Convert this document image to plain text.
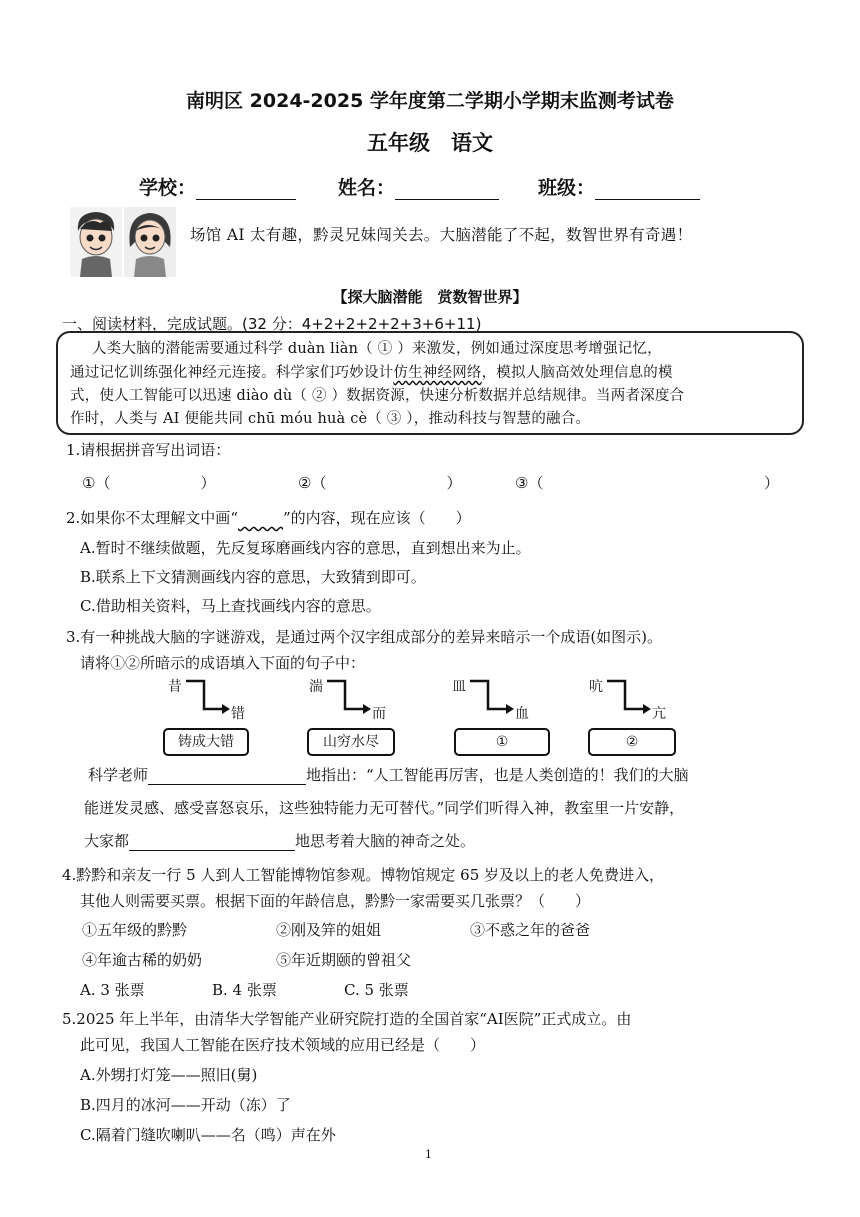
南明区 2024-2025 学年度第二学期小学期末监测考试卷
五年级　语文
学校：	姓名：	班级：
场馆 AI 太有趣，黔灵兄妹闯关去。大脑潜能了不起，数智世界有奇遇！
【探大脑潜能　赏数智世界】
一、阅读材料，完成试题。(32 分：4+2+2+2+2+3+6+11)
人类大脑的潜能需要通过科学 duàn liàn（ ① ）来激发，例如通过深度思考增强记忆，
通过记忆训练强化神经元连接。科学家们巧妙设计仿生神经网络，模拟人脑高效处理信息的模
式，使人工智能可以迅速 diào dù（ ② ）数据资源，快速分析数据并总结规律。当两者深度合
作时，人类与 AI 便能共同 chū móu huà cè（ ③ ），推动科技与智慧的融合。
1.请根据拼音写出词语：
①（　　　　　　）	②（　　　　　　　　）	③（	）
2.如果你不太理解文中画“　　　	”的内容，现在应该（　　）
A.暂时不继续做题，先反复琢磨画线内容的意思，直到想出来为止。
B.联系上下文猜测画线内容的意思，大致猜到即可。
C.借助相关资料，马上查找画线内容的意思。
3.有一种挑战大脑的字谜游戏，是通过两个汉字组成部分的差异来暗示一个成语(如图示)。
请将①②所暗示的成语填入下面的句子中：
昔
错
铸成大错
湍
而
山穷水尽
皿
血
①
吭
亢
②
科学老师	地指出：“人工智能再厉害，也是人类创造的！我们的大脑
能迸发灵感、感受喜怒哀乐，这些独特能力无可替代。”同学们听得入神，教室里一片安静，
大家都	地思考着大脑的神奇之处。
4.黔黔和亲友一行 5 人到人工智能博物馆参观。博物馆规定 65 岁及以上的老人免费进入，
其他人则需要买票。根据下面的年龄信息，黔黔一家需要买几张票？（　　）
①五年级的黔黔	②刚及笄的姐姐	③不惑之年的爸爸
④年逾古稀的奶奶	⑤年近期颐的曾祖父
A. 3 张票	B. 4 张票	C. 5 张票
5.2025 年上半年，由清华大学智能产业研究院打造的全国首家“AI医院”正式成立。由
此可见，我国人工智能在医疗技术领域的应用已经是（　　）
A.外甥打灯笼——照旧(舅)
B.四月的冰河——开动（冻）了
C.隔着门缝吹喇叭——名（鸣）声在外
1
